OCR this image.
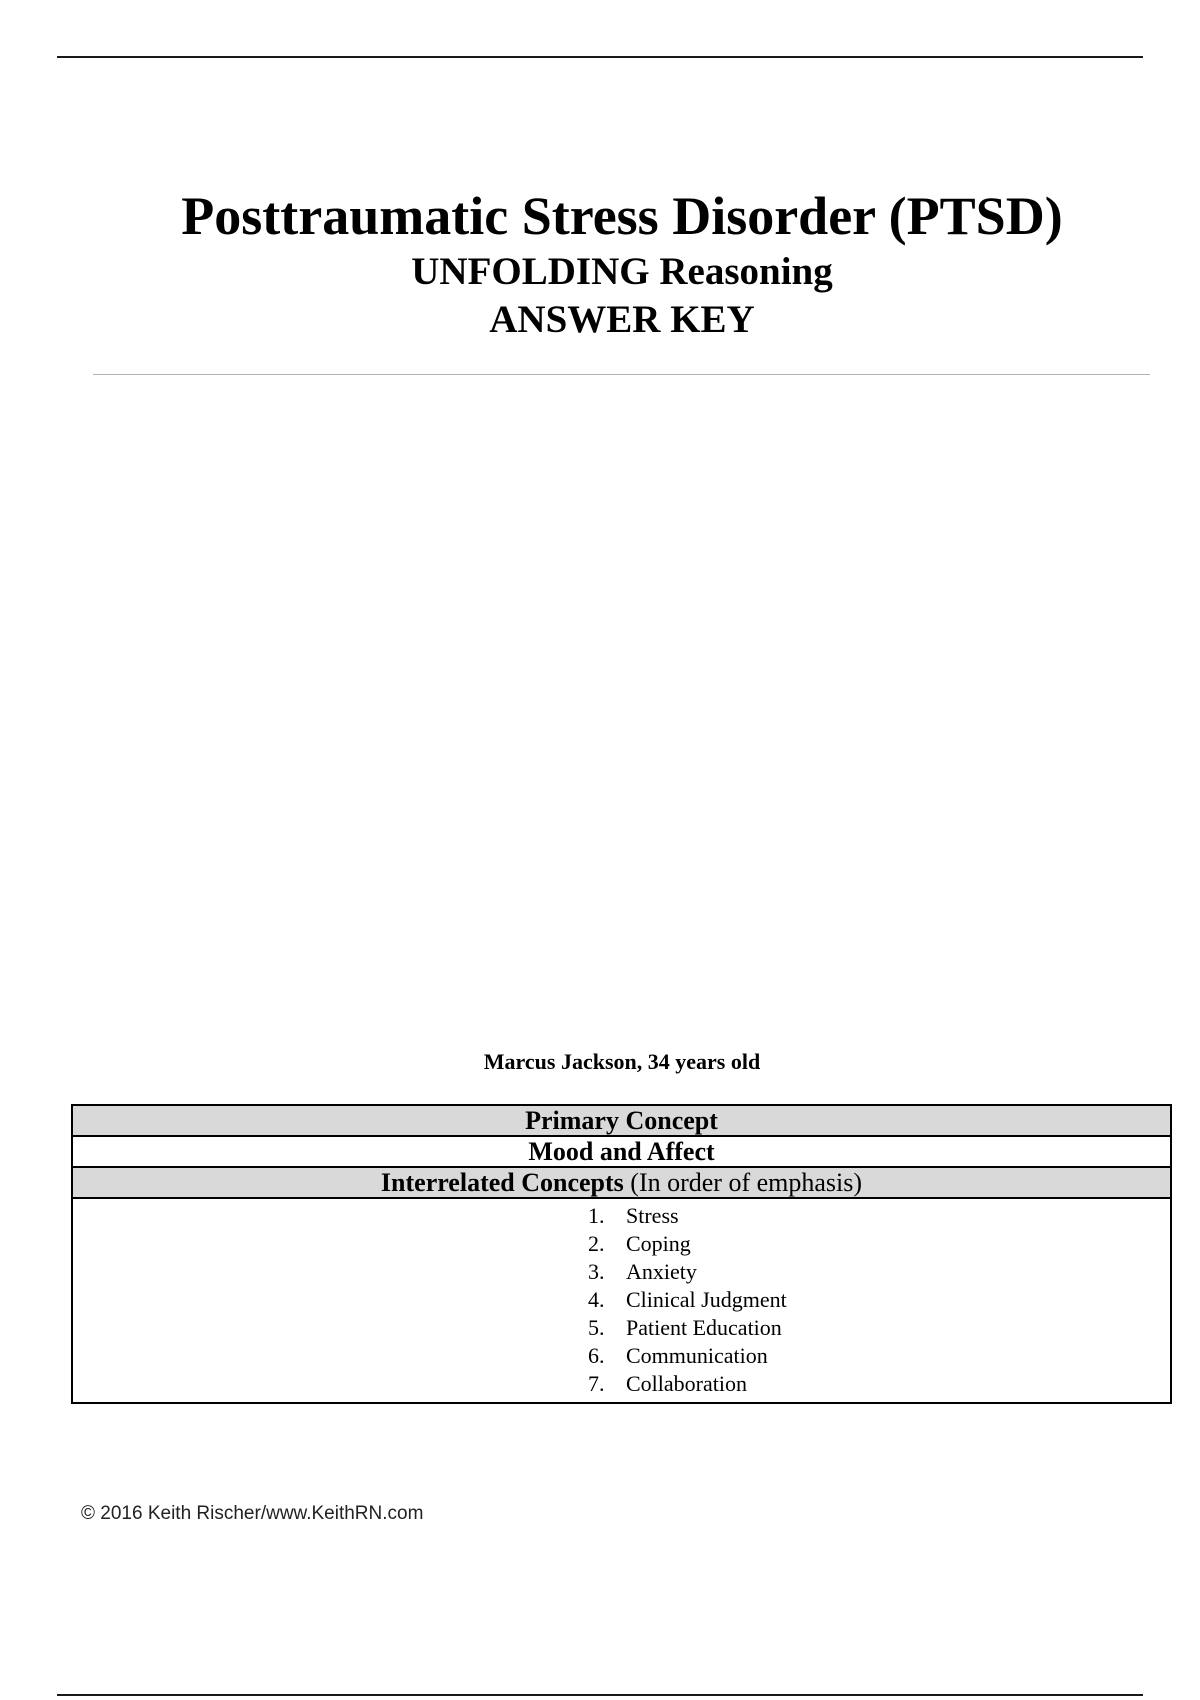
Posttraumatic Stress Disorder (PTSD)
UNFOLDING Reasoning
ANSWER KEY
Marcus Jackson, 34 years old
Primary Concept
Mood and Affect
Interrelated Concepts (In order of emphasis)
1. Stress
2. Coping
3. Anxiety
4. Clinical Judgment
5. Patient Education
6. Communication
7. Collaboration
© 2016 Keith Rischer/www.KeithRN.com
